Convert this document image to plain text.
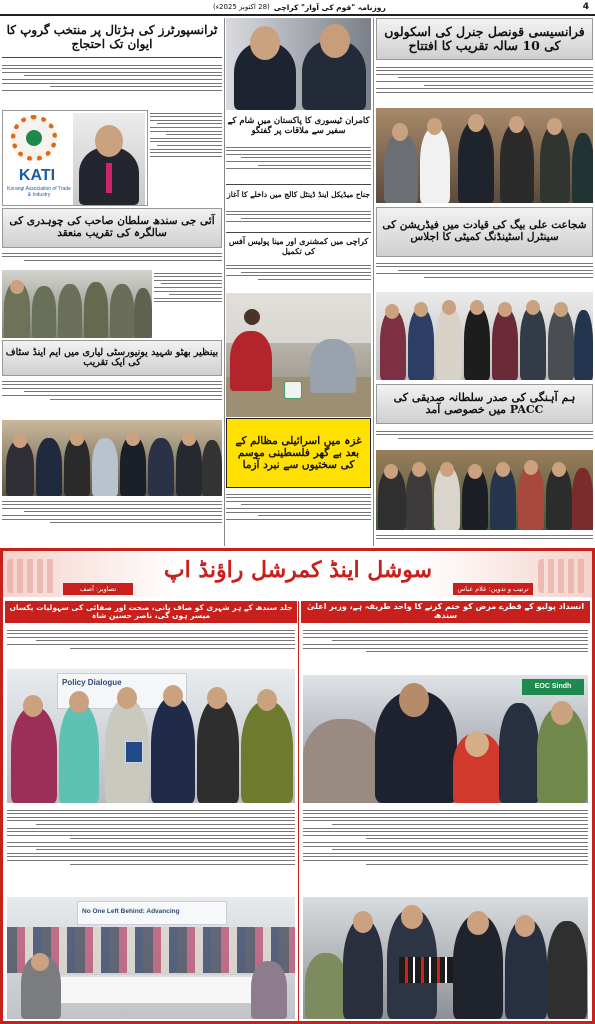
4
روزنامہ "قوم کی آواز" کراچی
(28 اکتوبر 2025ء)
فرانسیسی قونصل جنرل کی اسکولوں کی 10 سالہ تقریب کا افتتاح
شجاعت علی بیگ کی قیادت میں فیڈریشن کی سینٹرل اسٹینڈنگ کمیٹی کا اجلاس
ہم آہنگی کی صدر سلطانہ صدیقی کی PACC میں خصوصی آمد
کامران ٹیسوری کا پاکستان میں شام کے سفیر سے ملاقات پر گفتگو
جناح میڈیکل اینڈ ڈینٹل کالج میں داخلے کا آغاز
کراچی میں کمشنری اور مینا پولیس آفس کی تکمیل
غزہ میں اسرائیلی مظالم کے بعد بے گھر فلسطینی موسم کی سختیوں سے نبرد آزما
ٹرانسپورٹرز کی ہڑتال پر منتخب گروپ کا ایوان تک احتجاج
KATI
Korangi Association of Trade & Industry
آئی جی سندھ سلطان صاحب کی چوہدری کی سالگرہ کی تقریب منعقد
بینظیر بھٹو شہید یونیورسٹی لیاری میں ایم اینڈ سٹاف کی ایک تقریب
سوشل اینڈ کمرشل راؤنڈ اپ
تصاویر: آصف	ترتیب و تدوین: غلام عباس
جلد سندھ کے ہر شہری کو صاف پانی، صحت اور صفائی کی سہولیات یکساں میسر ہوں گی، ناصر حسین شاہ
انسداد پولیو کے قطرے مرض کو ختم کرنے کا واحد طریقہ ہے، وزیر اعلیٰ سندھ
Policy Dialogue	EOC Sindh
No One Left Behind: Advancing
